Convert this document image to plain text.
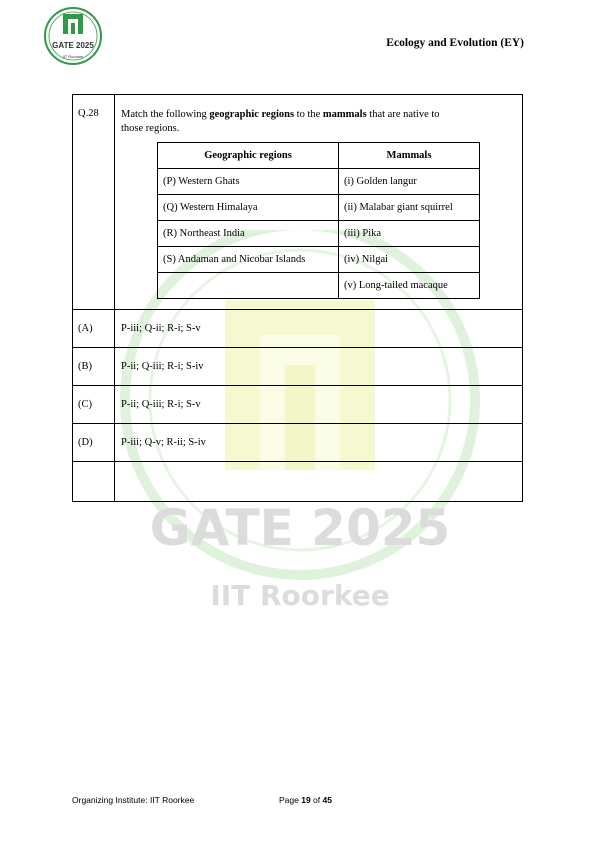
GATE 2025
IIT Roorkee
Ecology and Evolution (EY)
GATE 2025
IIT Roorkee
Q.28	Match the following geographic regions to the mammals that are native to
those regions.
Geographic regions	Mammals
(P) Western Ghats	(i) Golden langur
(Q) Western Himalaya	(ii) Malabar giant squirrel
(R) Northeast India	(iii) Pika
(S) Andaman and Nicobar Islands	(iv) Nilgai
	(v) Long-tailed macaque

(A)	P-iii; Q-ii; R-i; S-v
(B)	P-ii; Q-iii; R-i; S-iv
(C)	P-ii; Q-iii; R-i; S-v
(D)	P-iii; Q-v; R-ii; S-iv

Organizing Institute: IIT Roorkee	Page 19 of 45
